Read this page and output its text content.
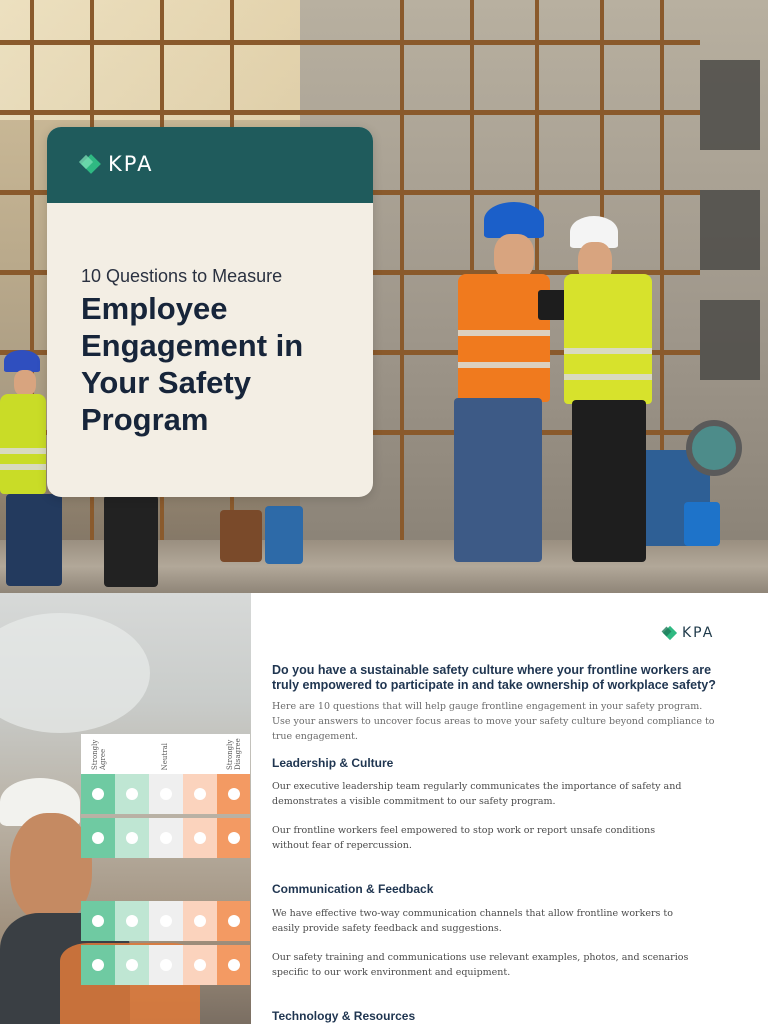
KPA
10 Questions to Measure
Employee Engagement in Your Safety Program
Strongly Agree	Neutral	Strongly Disagree
KPA
Do you have a sustainable safety culture where your frontline workers are truly empowered to participate in and take ownership of workplace safety?
Here are 10 questions that will help gauge frontline engagement in your safety program. Use your answers to uncover focus areas to move your safety culture beyond compliance to true engagement.
Leadership & Culture
Our executive leadership team regularly communicates the importance of safety and demonstrates a visible commitment to our safety program.
Our frontline workers feel empowered to stop work or report unsafe conditions without fear of repercussion.
Communication & Feedback
We have effective two-way communication channels that allow frontline workers to easily provide safety feedback and suggestions.
Our safety training and communications use relevant examples, photos, and scenarios specific to our work environment and equipment.
Technology & Resources
